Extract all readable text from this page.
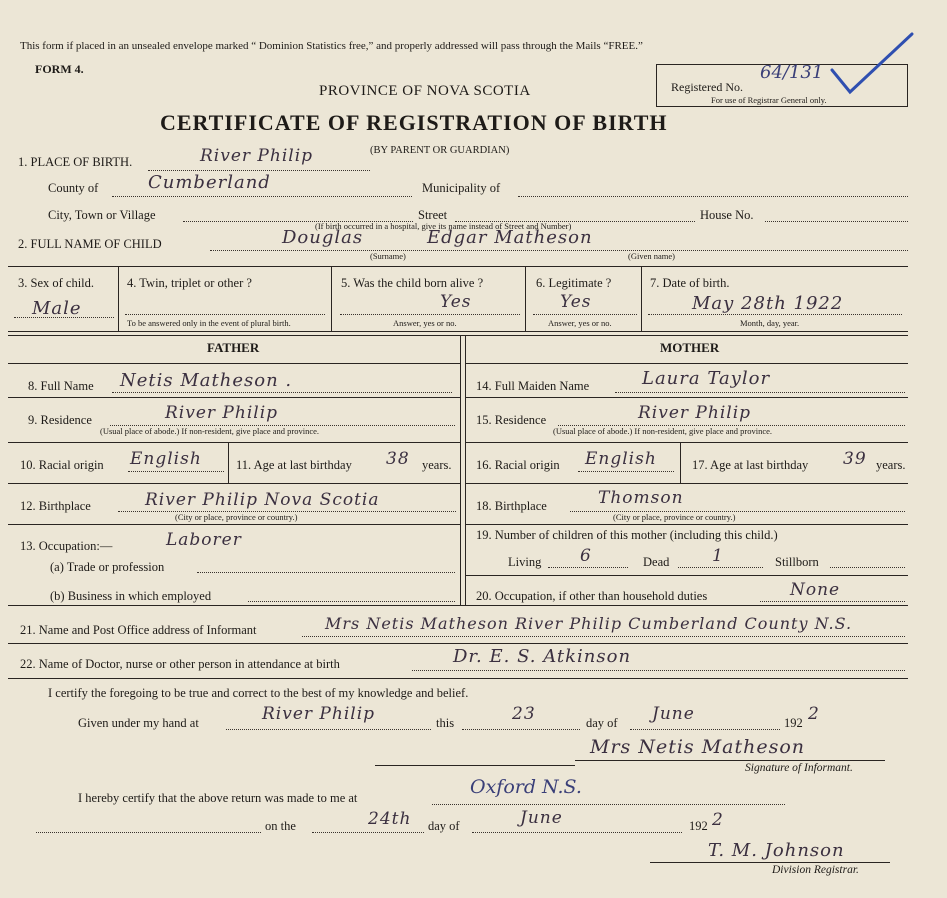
This form if placed in an unsealed envelope marked “ Dominion Statistics free,” and properly addressed will pass through the Mails “FREE.”
FORM 4.
PROVINCE OF NOVA SCOTIA
CERTIFICATE OF REGISTRATION OF BIRTH
(BY PARENT OR GUARDIAN)
Registered No.
64/131
For use of Registrar General only.
1. PLACE OF BIRTH.	River Philip
County of	Cumberland	Municipality of
City, Town or Village	Street	House No.
(If birth occurred in a hospital, give its name instead of Street and Number)
2. FULL NAME OF CHILD	Douglas	Edgar Matheson
(Surname)	(Given name)
3. Sex of child.
Male
4. Twin, triplet or other ?
To be answered only in the event of plural birth.
5. Was the child born alive ?
Yes
Answer, yes or no.
6. Legitimate ?
Yes
Answer, yes or no.
7. Date of birth.
May 28th 1922
Month, day, year.
FATHER	MOTHER
8. Full Name Netis Matheson .
9. Residence	River Philip
(Usual place of abode.) If non-resident, give place and province.
10. Racial origin English	11. Age at last birthday 38 years.
12. Birthplace	River Philip Nova Scotia
(City or place, province or country.)
13. Occupation:—	Laborer
(a) Trade or profession
(b) Business in which employed
14. Full Maiden Name	Laura Taylor
15. Residence	River Philip
(Usual place of abode.) If non-resident, give place and province.
16. Racial origin English	17. Age at last birthday 39 years.
18. Birthplace	Thomson
(City or place, province or country.)
19. Number of children of this mother (including this child.)
Living 6	Dead	1	Stillborn
20. Occupation, if other than household duties	None
21. Name and Post Office address of Informant	Mrs Netis Matheson River Philip Cumberland County N.S.
22. Name of Doctor, nurse or other person in attendance at birth	Dr. E. S. Atkinson
I certify the foregoing to be true and correct to the best of my knowledge and belief.
Given under my hand at	River Philip	this	23	day of June	192 2
Mrs Netis Matheson
Signature of Informant.
I hereby certify that the above return was made to me at	Oxford N.S.
on the	24th day of	June	192 2
T. M. Johnson
Division Registrar.
